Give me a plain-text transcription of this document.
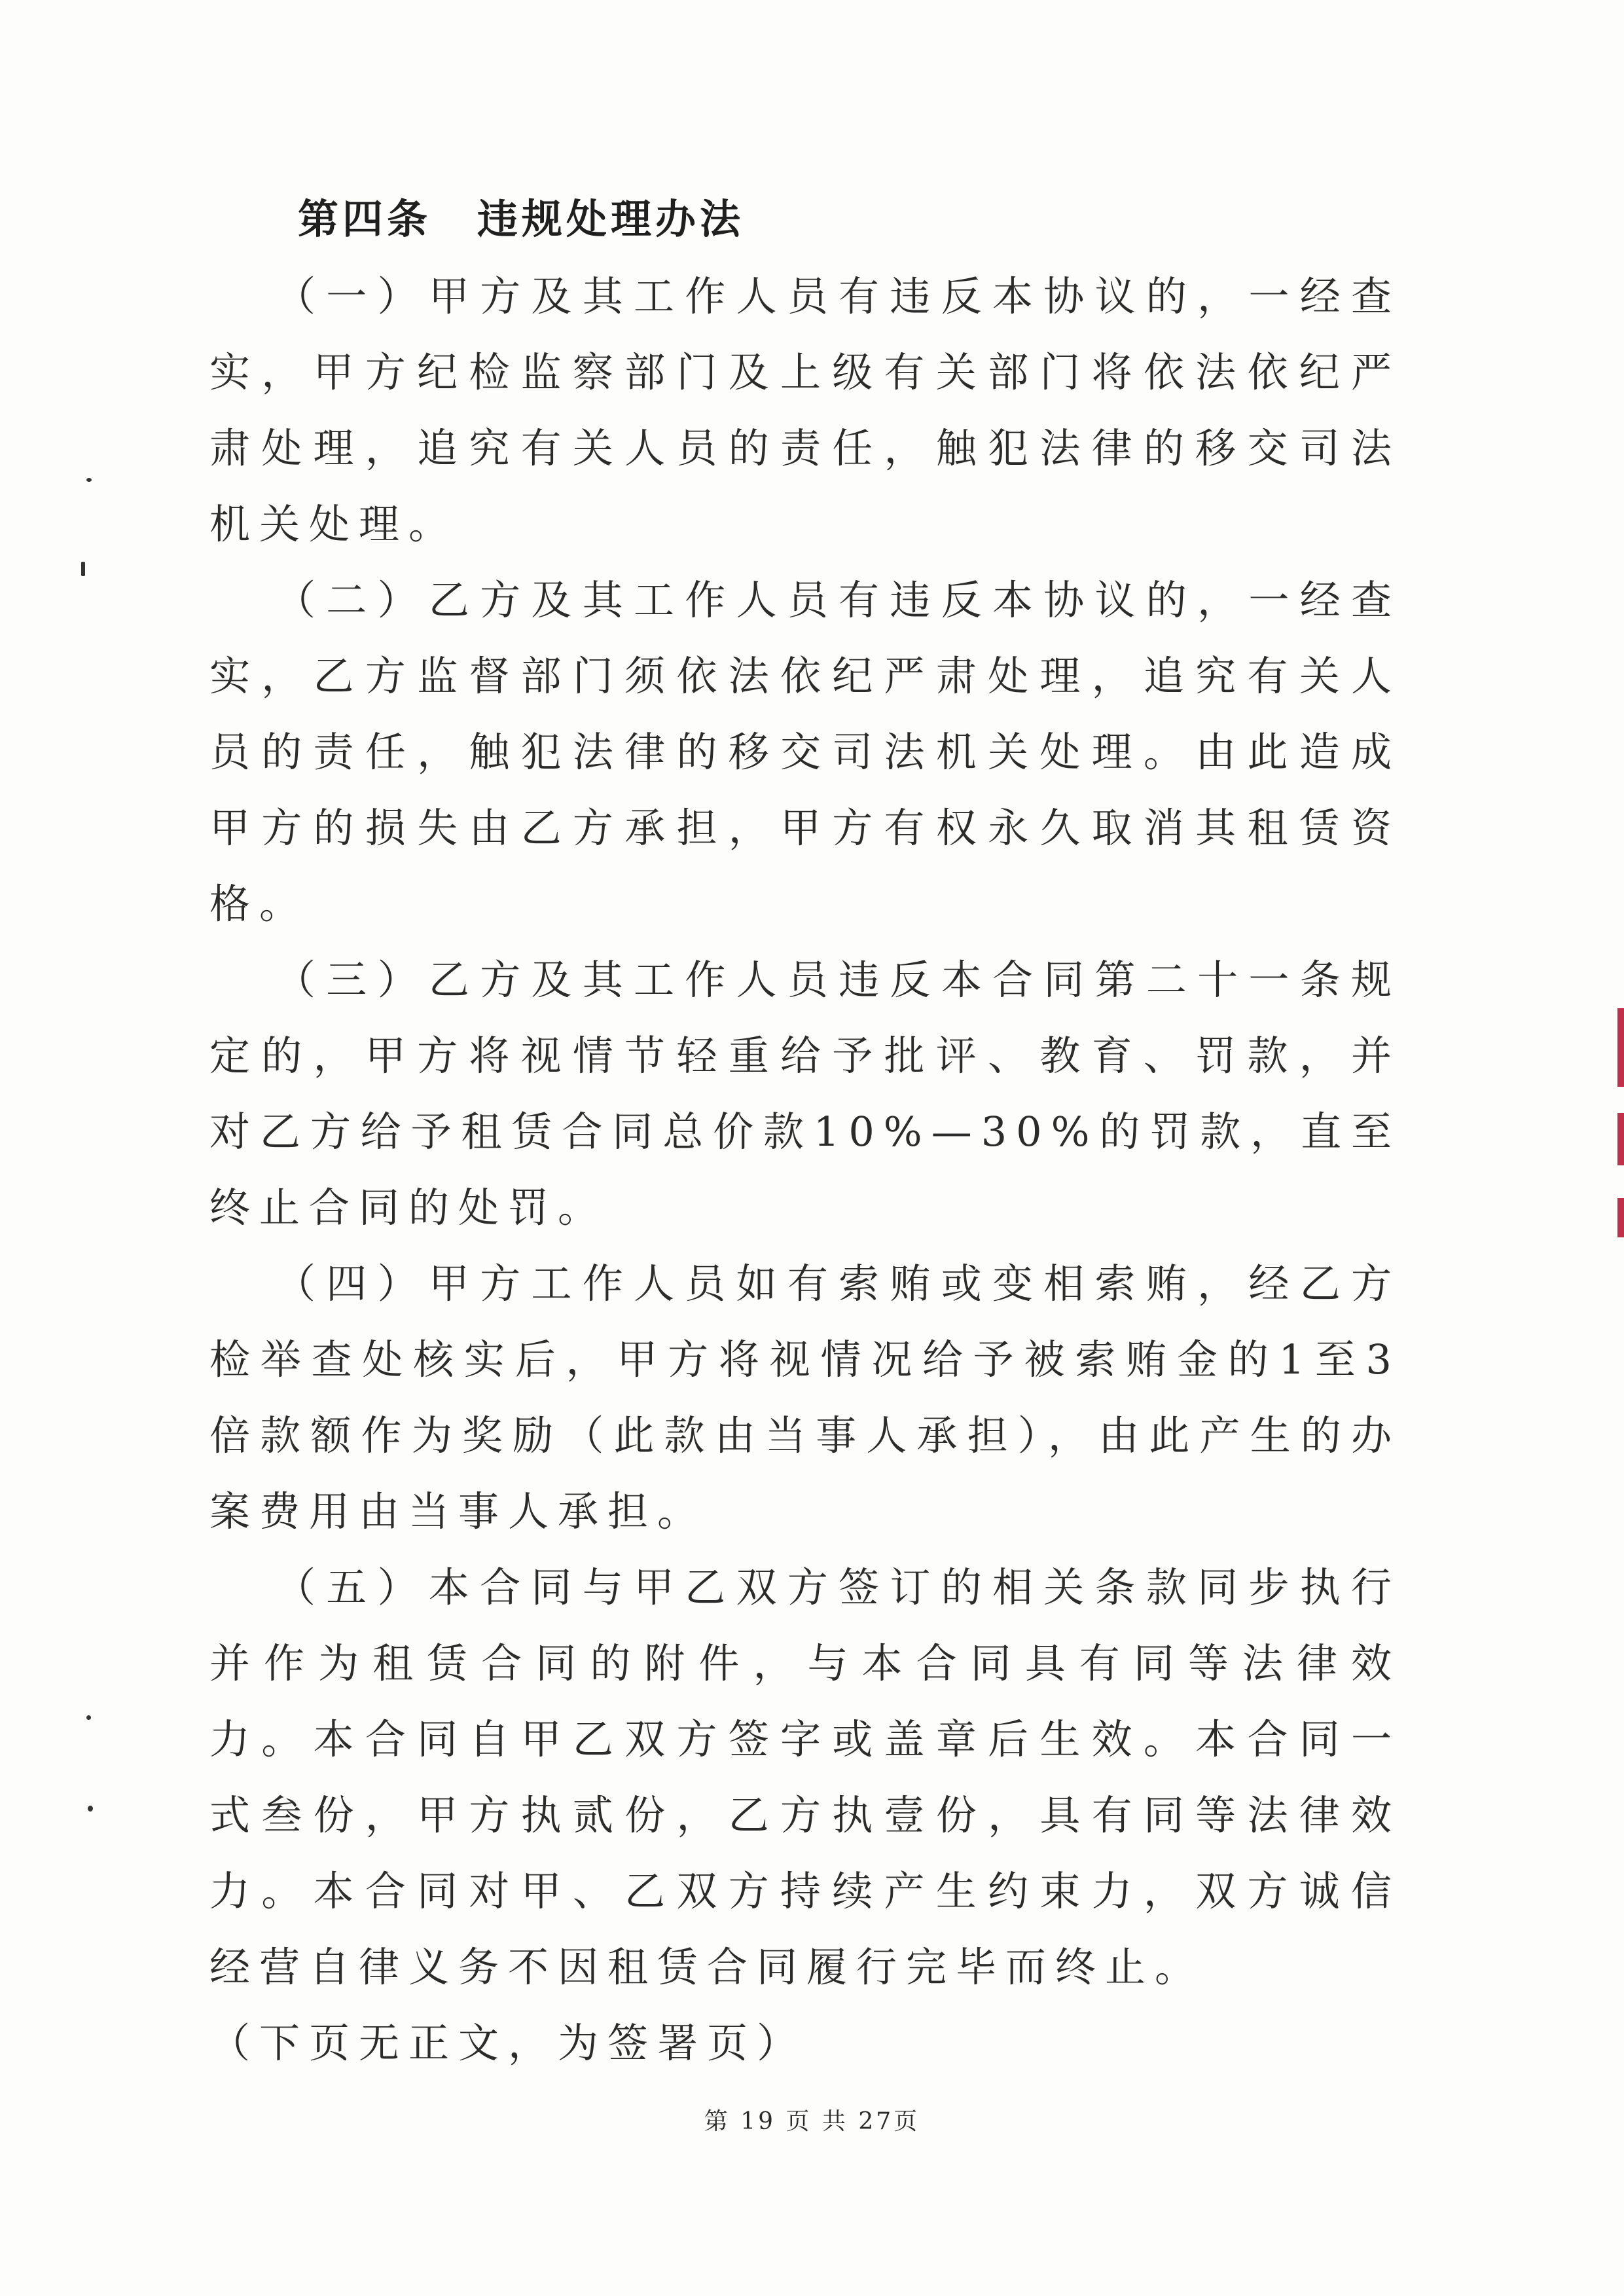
第四条 违规处理办法

（一）甲方及其工作人员有违反本协议的，一经查实，甲方纪检监察部门及上级有关部门将依法依纪严肃处理，追究有关人员的责任，触犯法律的移交司法机关处理。

（二）乙方及其工作人员有违反本协议的，一经查实，乙方监督部门须依法依纪严肃处理，追究有关人员的责任，触犯法律的移交司法机关处理。由此造成甲方的损失由乙方承担，甲方有权永久取消其租赁资格。

（三）乙方及其工作人员违反本合同第二十一条规定的，甲方将视情节轻重给予批评、教育、罚款，并对乙方给予租赁合同总价款10%—30%的罚款，直至终止合同的处罚。

（四）甲方工作人员如有索贿或变相索贿，经乙方检举查处核实后，甲方将视情况给予被索贿金的1至3倍款额作为奖励（此款由当事人承担），由此产生的办案费用由当事人承担。

（五）本合同与甲乙双方签订的相关条款同步执行并作为租赁合同的附件，与本合同具有同等法律效力。本合同自甲乙双方签字或盖章后生效。本合同一式叁份，甲方执贰份，乙方执壹份，具有同等法律效力。本合同对甲、乙双方持续产生约束力，双方诚信经营自律义务不因租赁合同履行完毕而终止。

（下页无正文，为签署页）

第 19 页 共 27页
